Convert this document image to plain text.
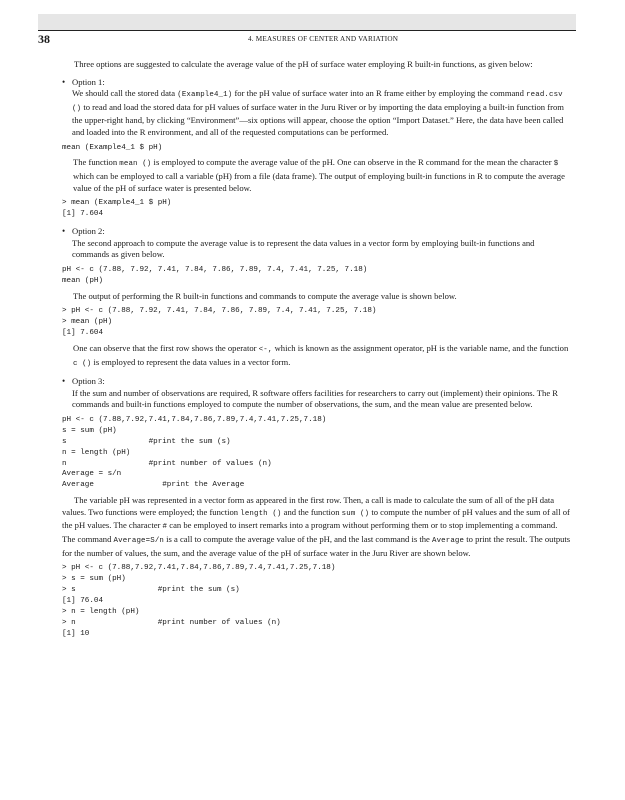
38	4. MEASURES OF CENTER AND VARIATION

Three options are suggested to calculate the average value of the pH of surface water employing R built-in functions, as given below:

• Option 1:

We should call the stored data (Example4_1) for the pH value of surface water into an R frame either by employing the command read.csv () to read and load the stored data for pH values of surface water in the Juru River or by importing the data employing a built-in function from the upper-right hand, by clicking “Environment”—six options will appear, choose the option “Import Dataset.” Here, the data have been called and loaded into the R environment, and all of the requested computations can be performed.

mean (Example4_1 $ pH)

The function mean () is employed to compute the average value of the pH. One can observe in the R command for the mean the character $ which can be employed to call a variable (pH) from a file (data frame). The output of employing built-in functions in R to compute the average value of the pH of surface water is presented below.

> mean (Example4_1 $ pH)
[1] 7.604

• Option 2:

The second approach to compute the average value is to represent the data values in a vector form by employing built-in functions and commands as given below.

pH <- c (7.88, 7.92, 7.41, 7.84, 7.86, 7.89, 7.4, 7.41, 7.25, 7.18)
mean (pH)

The output of performing the R built-in functions and commands to compute the average value is shown below.

> pH <- c (7.88, 7.92, 7.41, 7.84, 7.86, 7.89, 7.4, 7.41, 7.25, 7.18)
> mean (pH)
[1] 7.604

One can observe that the first row shows the operator <-, which is known as the assignment operator, pH is the variable name, and the function c () is employed to represent the data values in a vector form.

• Option 3:

If the sum and number of observations are required, R software offers facilities for researchers to carry out (implement) their opinions. The R commands and built-in functions employed to compute the number of observations, the sum, and the mean value are presented below.

pH <- c (7.88,7.92,7.41,7.84,7.86,7.89,7.4,7.41,7.25,7.18)
s = sum (pH)
s                  #print the sum (s)
n = length (pH)
n                  #print number of values (n)
Average = s/n
Average               #print the Average

The variable pH was represented in a vector form as appeared in the first row. Then, a call is made to calculate the sum of all of the pH data values. Two functions were employed; the function length () and the function sum () to compute the number of pH values and the sum of all of the pH values. The character # can be employed to insert remarks into a program without performing them or to stop implementing a command. The command Average=S/n is a call to compute the average value of the pH, and the last command is the Average to print the result. The outputs for the number of values, the sum, and the average value of the pH of surface water in the Juru River are shown below.

> pH <- c (7.88,7.92,7.41,7.84,7.86,7.89,7.4,7.41,7.25,7.18)
> s = sum (pH)
> s                  #print the sum (s)
[1] 76.04
> n = length (pH)
> n                  #print number of values (n)
[1] 10
